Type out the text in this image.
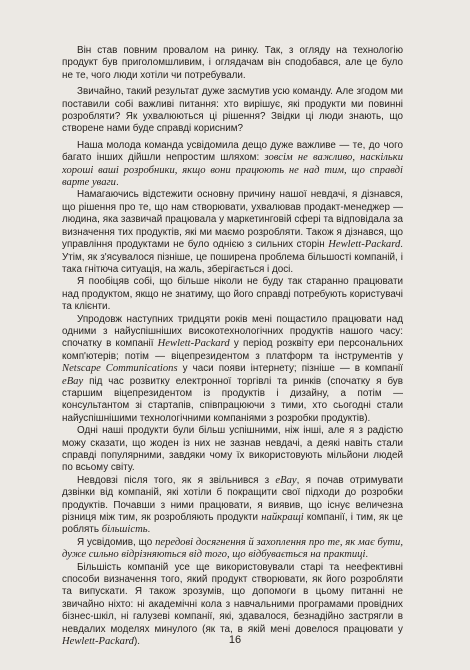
Він став повним провалом на ринку. Так, з огляду на технологію продукт був приголомшливим, і оглядачам він сподобався, але це було не те, чого люди хотіли чи потребували.

Звичайно, такий результат дуже засмутив усю команду. Але згодом ми поставили собі важливі питання: хто вирішує, які продукти ми повинні розробляти? Як ухвалюються ці рішення? Звідки ці люди знають, що створене нами буде справді корисним?

Наша молода команда усвідомила дещо дуже важливе — те, до чого багато інших дійшли непростим шляхом: зовсім не важливо, наскільки хороші ваші розробники, якщо вони працюють не над тим, що справді варте уваги.

Намагаючись відстежити основну причину нашої невдачі, я дізнався, що рішення про те, що нам створювати, ухвалював продакт-менеджер — людина, яка зазвичай працювала у маркетинговій сфері та відповідала за визначення тих продуктів, які ми маємо розробляти. Також я дізнався, що управління продуктами не було однією з сильних сторін Hewlett-Packard. Утім, як з'ясувалося пізніше, це поширена проблема більшості компаній, і така гнітюча ситуація, на жаль, зберігається і досі.

Я пообіцяв собі, що більше ніколи не буду так старанно працювати над продуктом, якщо не знатиму, що його справді потребують користувачі та клієнти.

Упродовж наступних тридцяти років мені пощастило працювати над одними з найуспішніших високотехнологічних продуктів нашого часу: спочатку в компанії Hewlett-Packard у період розквіту ери персональних комп'ютерів; потім — віцепрезидентом з платформ та інструментів у Netscape Communications у часи появи інтернету; пізніше — в компанії eBay під час розвитку електронної торгівлі та ринків (спочатку я був старшим віцепрезидентом із продуктів і дизайну, а потім — консультантом зі стартапів, співпрацюючи з тими, хто сьогодні стали найуспішнішими технологічними компаніями з розробки продуктів).

Одні наші продукти були більш успішними, ніж інші, але я з радістю можу сказати, що жоден із них не зазнав невдачі, а деякі навіть стали справді популярними, завдяки чому їх використовують мільйони людей по всьому світу.

Невдовзі після того, як я звільнився з eBay, я почав отримувати дзвінки від компаній, які хотіли б покращити свої підходи до розробки продуктів. Почавши з ними працювати, я виявив, що існує величезна різниця між тим, як розробляють продукти найкращі компанії, і тим, як це роблять більшість.

Я усвідомив, що передові досягнення й захоплення про те, як має бути, дуже сильно відрізняються від того, що відбувається на практиці.

Більшість компаній усе ще використовували старі та неефективні способи визначення того, який продукт створювати, як його розробляти та випускати. Я також зрозумів, що допомоги в цьому питанні не звичайно ніхто: ні академічні кола з навчальними програмами провідних бізнес-шкіл, ні галузеві компанії, які, здавалося, безнадійно застрягли в невдалих моделях минулого (як та, в якій мені довелося працювати у Hewlett-Packard).	16
